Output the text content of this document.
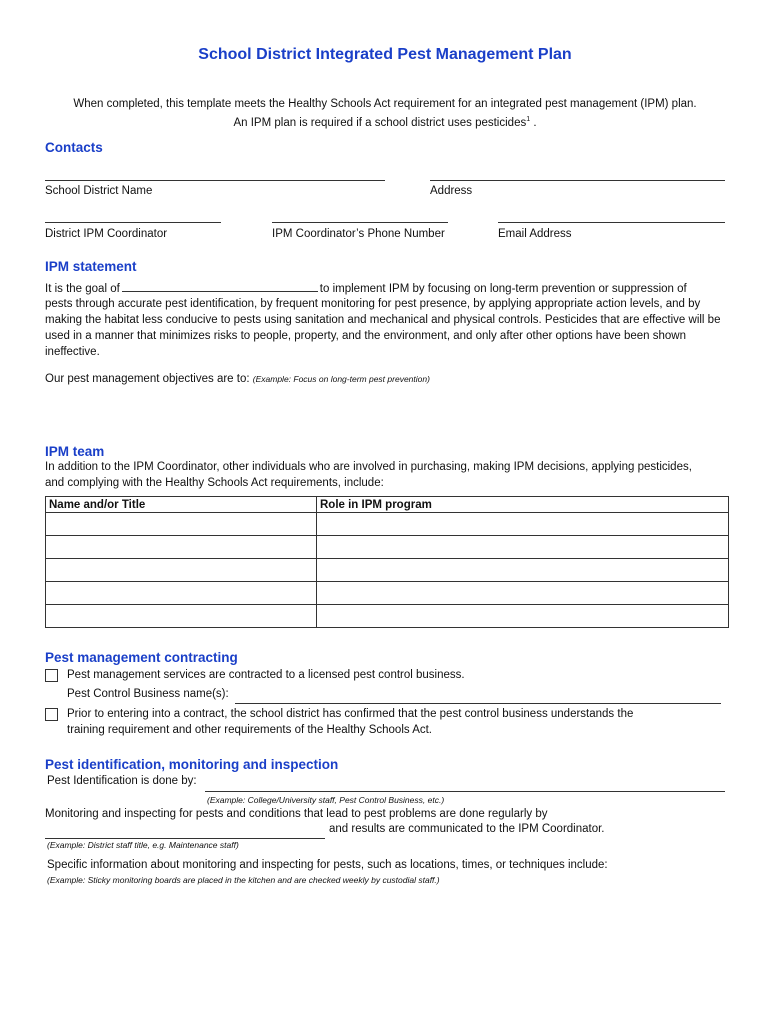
School District Integrated Pest Management Plan
When completed, this template meets the Healthy Schools Act requirement for an integrated pest management (IPM) plan.
An IPM plan is required if a school district uses pesticides$^1$ .
Contacts
School District Name	Address
District IPM Coordinator	IPM Coordinator’s Phone Number	Email Address
IPM statement
It is the goal of	to implement IPM by focusing on long-term prevention or suppression of
pests through accurate pest identification, by frequent monitoring for pest presence, by applying appropriate action levels, and by making the habitat less conducive to pests using sanitation and mechanical and physical controls. Pesticides that are effective will be used in a manner that minimizes risks to people, property, and the environment, and only after other options have been shown ineffective.
Our pest management objectives are to: (Example: Focus on long-term pest prevention)
IPM team
In addition to the IPM Coordinator, other individuals who are involved in purchasing, making IPM decisions, applying pesticides, and complying with the Healthy Schools Act requirements, include:
Name and/or Title	Role in IPM program

Pest management contracting
Pest management services are contracted to a licensed pest control business.
Pest Control Business name(s):
Prior to entering into a contract, the school district has confirmed that the pest control business understands the
training requirement and other requirements of the Healthy Schools Act.
Pest identification, monitoring and inspection
Pest Identification is done by:
(Example: College/University staff, Pest Control Business, etc.)
Monitoring and inspecting for pests and conditions that lead to pest problems are done regularly by
and results are communicated to the IPM Coordinator.
(Example: District staff title, e.g. Maintenance staff)
Specific information about monitoring and inspecting for pests, such as locations, times, or techniques include:
(Example: Sticky monitoring boards are placed in the kitchen and are checked weekly by custodial staff.)
